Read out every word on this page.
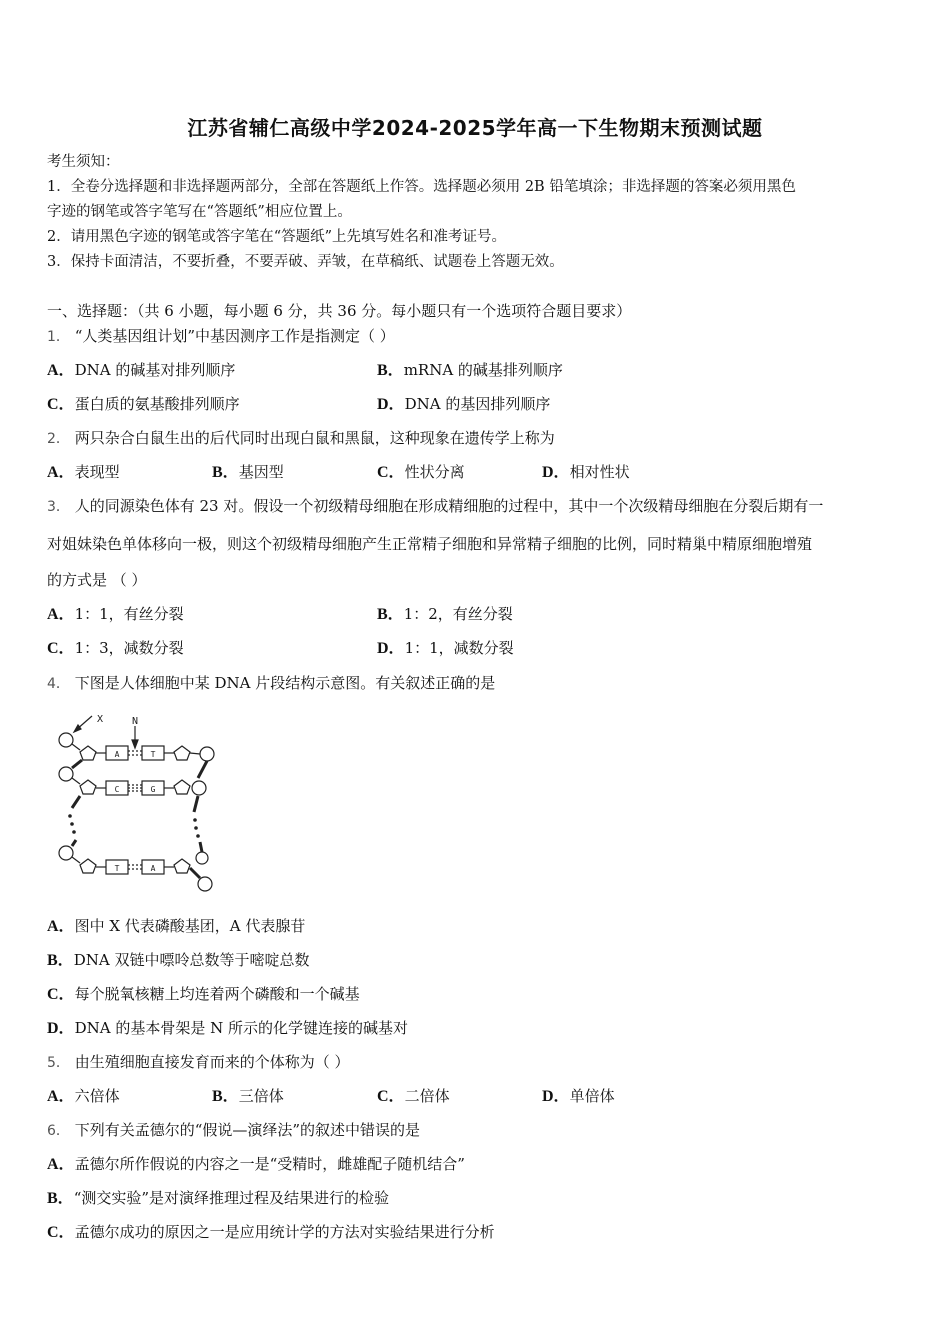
江苏省辅仁高级中学2024-2025学年高一下生物期末预测试题
考生须知：
1．全卷分选择题和非选择题两部分，全部在答题纸上作答。选择题必须用 2B 铅笔填涂；非选择题的答案必须用黑色
字迹的钢笔或答字笔写在“答题纸”相应位置上。
2．请用黑色字迹的钢笔或答字笔在“答题纸”上先填写姓名和准考证号。
3．保持卡面清洁，不要折叠，不要弄破、弄皱，在草稿纸、试题卷上答题无效。
一、选择题：（共 6 小题，每小题 6 分，共 36 分。每小题只有一个选项符合题目要求）
1． “人类基因组计划”中基因测序工作是指测定（ ）
A．DNA 的碱基对排列顺序	B．mRNA 的碱基排列顺序
C．蛋白质的氨基酸排列顺序	D．DNA 的基因排列顺序
2． 两只杂合白鼠生出的后代同时出现白鼠和黑鼠，这种现象在遗传学上称为
A．表现型	B．基因型	C．性状分离	D．相对性状
3． 人的同源染色体有 23 对。假设一个初级精母细胞在形成精细胞的过程中，其中一个次级精母细胞在分裂后期有一
对姐妹染色单体移向一极，则这个初级精母细胞产生正常精子细胞和异常精子细胞的比例，同时精巢中精原细胞增殖
的方式是 （ ）
A．1：1，有丝分裂	B．1：2，有丝分裂
C．1：3，减数分裂	D．1：1，减数分裂
4． 下图是人体细胞中某 DNA 片段结构示意图。有关叙述正确的是
X	N
A	T
C	G
T	A
A．图中 X 代表磷酸基团，A 代表腺苷
B．DNA 双链中嘌呤总数等于嘧啶总数
C．每个脱氧核糖上均连着两个磷酸和一个碱基
D．DNA 的基本骨架是 N 所示的化学键连接的碱基对
5． 由生殖细胞直接发育而来的个体称为（ ）
A．六倍体	B．三倍体	C．二倍体	D．单倍体
6． 下列有关孟德尔的“假说—演绎法”的叙述中错误的是
A．孟德尔所作假说的内容之一是“受精时，雌雄配子随机结合”
B．“测交实验”是对演绎推理过程及结果进行的检验
C．孟德尔成功的原因之一是应用统计学的方法对实验结果进行分析
